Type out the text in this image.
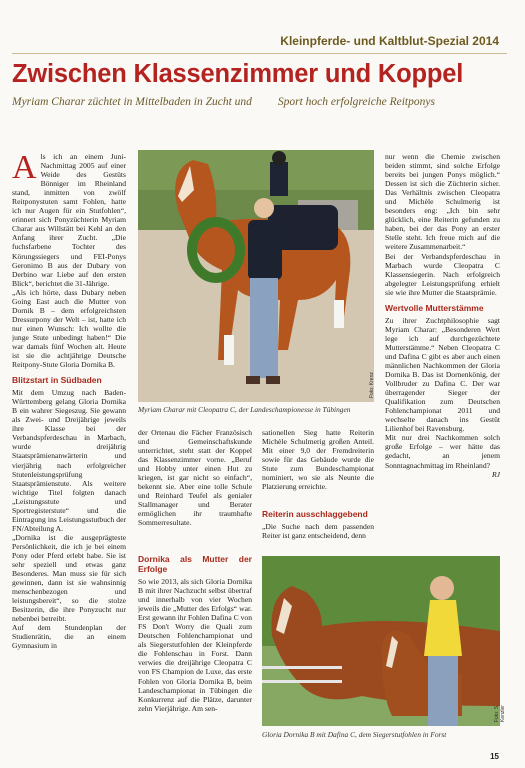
Kleinpferde- und Kaltblut-Spezial 2014
Zwischen Klassenzimmer und Koppel
Myriam Charar züchtet in Mittelbaden in Zucht und Sport hoch erfolgreiche Reitponys

Als ich an einem Juni-Nachmittag 2005 auf einer Weide des Gestüts Bönniger im Rheinland stand, inmitten von zwölf Reitponystuten samt Fohlen, hatte ich nur Augen für ein Stutfohlen“, erinnert sich Ponyzüchterin Myriam Charar aus Willstätt bei Kehl an den Anfang ihrer Zucht. „Die fuchsfarbene Tochter des Körungssiegers und FEI-Ponys Geronimo B aus der Dubary von Derbino war Liebe auf den ersten Blick“, berichtet die 31-Jährige.

„Als ich hörte, dass Dubary neben Going East auch die Mutter von Dornik B – dem erfolgreichsten Dressurpony der Welt – ist, hatte ich nur einen Wunsch: Ich wollte die junge Stute unbedingt haben!“ Die war damals fünf Wochen alt. Heute ist sie die achtjährige Deutsche Reitpony-Stute Gloria Dornika B.

Blitzstart in Südbaden

Mit dem Umzug nach Baden-Württemberg gelang Gloria Dornika B ein wahrer Siegeszug. Sie gewann als Zwei- und Dreijährige jeweils ihre Klasse bei der Verbandspferdeschau in Marbach, wurde dreijährig Staatsprämienanwärterin und vierjährig nach erfolgreicher Stutenleistungsprüfung Staatsprämienstute. Als weitere wichtige Titel folgten danach „Leistungsstute und Sportregisterstute“ und die Eintragung ins Leistungsstutbuch der FN/Abteilung A.

„Dornika ist die ausgeprägteste Persönlichkeit, die ich je bei einem Pony oder Pferd erlebt habe. Sie ist sehr speziell und etwas ganz Besonderes. Man muss sie für sich gewinnen, dann ist sie wahnsinnig menschenbezogen und leistungsbereit“, so die stolze Besitzerin, die ihre Ponyzucht nur nebenbei betreibt.

Auf dem Stundenplan der Studienrätin, die an einem Gymnasium in

Foto: Krenz
Myriam Charar mit Cleopatra C, der Landeschampionesse in Tübingen

der Ortenau die Fächer Französisch und Gemeinschaftskunde unterrichtet, steht statt der Koppel das Klassenzimmer vorne. „Beruf und Hobby unter einen Hut zu kriegen, ist gar nicht so einfach“, bekennt sie. Aber eine tolle Schule und Reinhard Teufel als genialer Stallmanager und Berater ermöglichen ihr traumhafte Sommerresultate.

Dornika als Mutter der Erfolge

So wie 2013, als sich Gloria Dornika B mit ihrer Nachzucht selbst übertraf und innerhalb von vier Wochen jeweils die „Mutter des Erfolgs“ war. Erst gewann ihr Fohlen Dafina C von FS Don't Worry die Quali zum Deutschen Fohlenchampionat und als Siegerstutfohlen der Kleinpferde die Fohlenschau in Forst. Dann verwies die dreijährige Cleopatra C von FS Champion de Luxe, das erste Fohlen von Gloria Dornika B, beim Landeschampionat in Tübingen die Konkurrenz auf die Plätze, darunter zehn Vierjährige. Am sen-

sationellen Sieg hatte Reiterin Michèle Schulmerig großen Anteil. Mit einer 9,0 der Fremdreiterin sowie für das Gebäude wurde die Stute zum Bundeschampionat nominiert, wo sie als Neunte die Platzierung erreichte.

Reiterin ausschlaggebend

„Die Suche nach dem passenden Reiter ist ganz entscheidend, denn

nur wenn die Chemie zwischen beiden stimmt, sind solche Erfolge bereits bei jungen Ponys möglich.“ Dessen ist sich die Züchterin sicher. Das Verhältnis zwischen Cleopatra und Michèle Schulmerig ist besonders eng: „Ich bin sehr glücklich, eine Reiterin gefunden zu haben, bei der das Pony an erster Stelle steht. Ich freue mich auf die weitere Zusammenarbeit.“

Bei der Verbandspferdeschau in Marbach wurde Cleopatra C Klassensiegerin. Nach erfolgreich abgelegter Leistungsprüfung erhielt sie wie ihre Mutter die Staatsprämie.

Wertvolle Mutterstämme

Zu ihrer Zuchtphilosophie sagt Myriam Charar: „Besonderen Wert lege ich auf durchgezüchtete Mutterstämme.“ Neben Cleopatra C und Dafina C gibt es aber auch einen männlichen Nachkommen der Gloria Dornika B. Das ist Dornenkönig, der Vollbruder zu Dafina C. Der war überragender Sieger der Qualifikation zum Deutschen Fohlenchampionat 2011 und wechselte danach ins Gestüt Lilienhof bei Ravensburg.

Mit nur drei Nachkommen solch große Erfolge – wer hätte das gedacht, an jenem Sonntagnachmittag im Rheinland?

RJ

Foto: S. Kenzler
Gloria Dornika B mit Dafina C, dem Siegerstutfohlen in Forst
15
